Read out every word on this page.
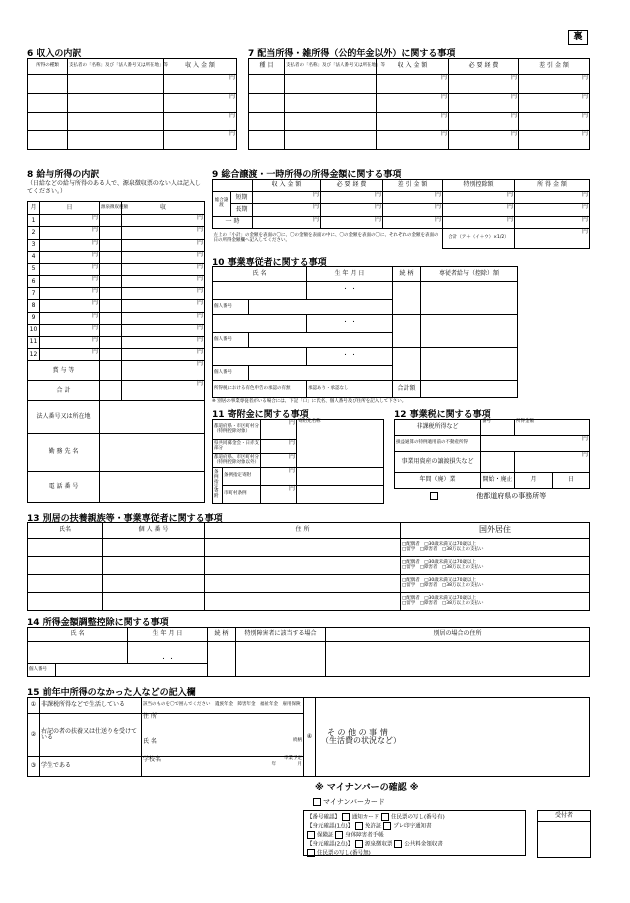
裏
6 収入の内訳
所得の種類	支払者の「名称」及び「法人番号又は所在地」等	収 入 金 額
		円
		円
		円
		円
7 配当所得・雑所得（公的年金以外）に関する事項
種 目	支払者の「名称」及び「法人番号又は所在地」等	収 入 金 額	必 要 経 費	差 引 金 額
		円	円	円
		円	円	円
		円	円	円
		円	円	円
8 給与所得の内訳
（日給などの給与所得のある人で、源泉徴収票のない人は記入してください。）
月	日	源泉徴収税額	収
1	円		円
2	円		円
3	円		円
4	円		円
5	円		円
6	円		円
7	円		円
8	円		円
9	円		円
10	円		円
11	円		円
12	円		円
賞 与 等			円
合 計			円
法人番号又は所在地			
勤 務 先 名			
電 話 番 号			
9 総合譲渡・一時所得の所得金額に関する事項
		収 入 金 額	必 要 経 費	差 引 金 額	特別控除額	所 得 金 額
総合譲渡	短期	円	円	円	円	円
	長期	円	円	円	円	円
一 時		円	円	円	円	円
左上の「小計」の金額を表面の〇に、〇の金額を表面の中に、〇の金額を表面の〇に、それぞれの金額を表面の日の所得金額欄へ記入してください。					合計（ア＋（イ＋ウ）×1/2）	円
10 事業専従者に関する事項
氏 名		生 年 月 日	続 柄	専従者給与（控除）額
		・ ・		
個人番号				
		・ ・		
個人番号				
		・ ・		
個人番号				
所得税における有色申告の承認の有無		承認あり・承認なし	合計額	
※ 別居の事業専従者がいる場合には、下記「口」に氏名、個人番号及び住所を記入して下さい。
11 寄附金に関する事項
都道府県・市区町村分（特例控除対象）		円	寄附先名称
県共同募金会・日赤支部分		円	
都道府県、市区町村分（特例控除対象以外）		円	
条例指定寄附	条例指定寄附	円	
	市町村条例	円	
12 事業税に関する事項
非課税所得など	番号	所得金額	
損益通算の特例適用前の不動産所得	円		
事業用資産の譲渡損失など		円	
年間（廃）業	開始・廃止	月	日
他都道府県の事務所等
13 別居の扶養親族等・事業専従者に関する事項
氏名	個 人 番 号	住 所	国外居住

			□配偶者　□30歳未満又は70歳以上
□留学　□障害者　□38万以上の支払い

			□配偶者　□30歳未満又は70歳以上
□留学　□障害者　□38万以上の支払い

			□配偶者　□30歳未満又は70歳以上
□留学　□障害者　□38万以上の支払い

			□配偶者　□30歳未満又は70歳以上
□留学　□障害者　□38万以上の支払い
14 所得金額調整控除に関する事項
氏 名		生 年 月 日	続 柄	特別障害者に該当する場合	別居の場合の住所
		・ ・			
個人番号					
15 前年中所得のなかった人などの記入欄
①	非課税所得などで生活している	該当のものを〇で囲んでください　遺族年金　障害年金　福祉年金　雇用保険	④	そ の 他 の 事 情
（生活費の状況など）

②	右記の者の扶養又は仕送りを受けている	住 所
氏 名 続柄		

③	学生である	学校名 卒業予定
年 月		
※ マイナンバーの確認 ※
マイナンバーカード
【番号確認】 通知カード 住民票の写し(番号有)
【身元確認(1点)】 免許証 プレ印字通知書
保険証 身体障害者手帳
【身元確認(2点)】 源泉徴収票 公共料金領収書
住民票の写し(番号無)
受付者
